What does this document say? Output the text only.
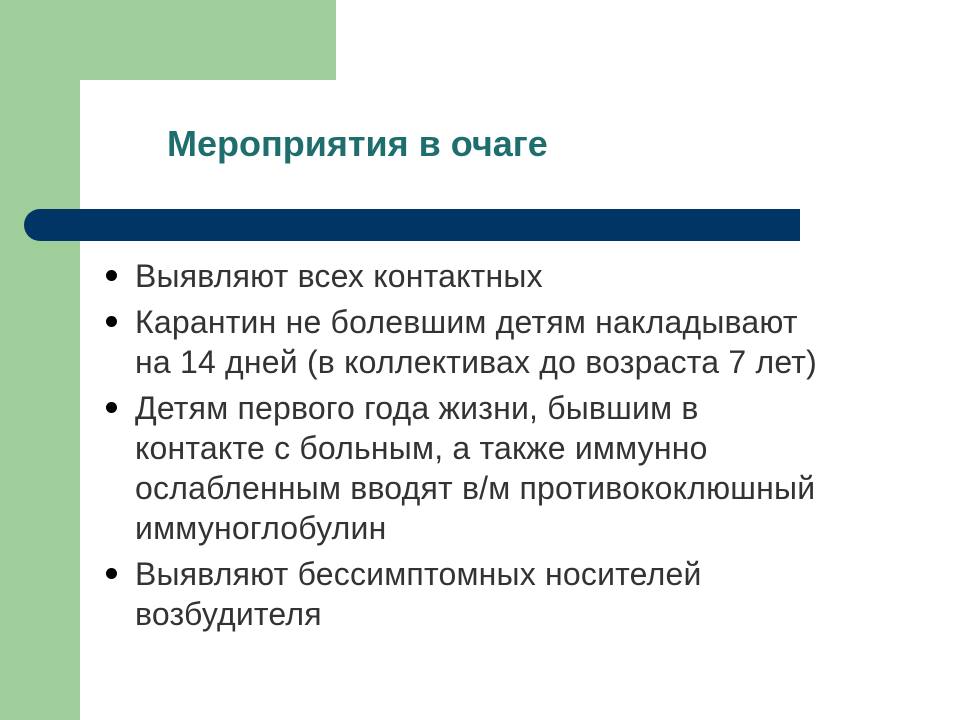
Мероприятия в очаге
Выявляют всех контактных
Карантин не болевшим детям накладывают
на 14 дней (в коллективах до возраста 7 лет)
Детям первого года жизни, бывшим в
контакте с больным, а также иммунно
ослабленным вводят в/м противококлюшный
иммуноглобулин
Выявляют бессимптомных носителей
возбудителя
